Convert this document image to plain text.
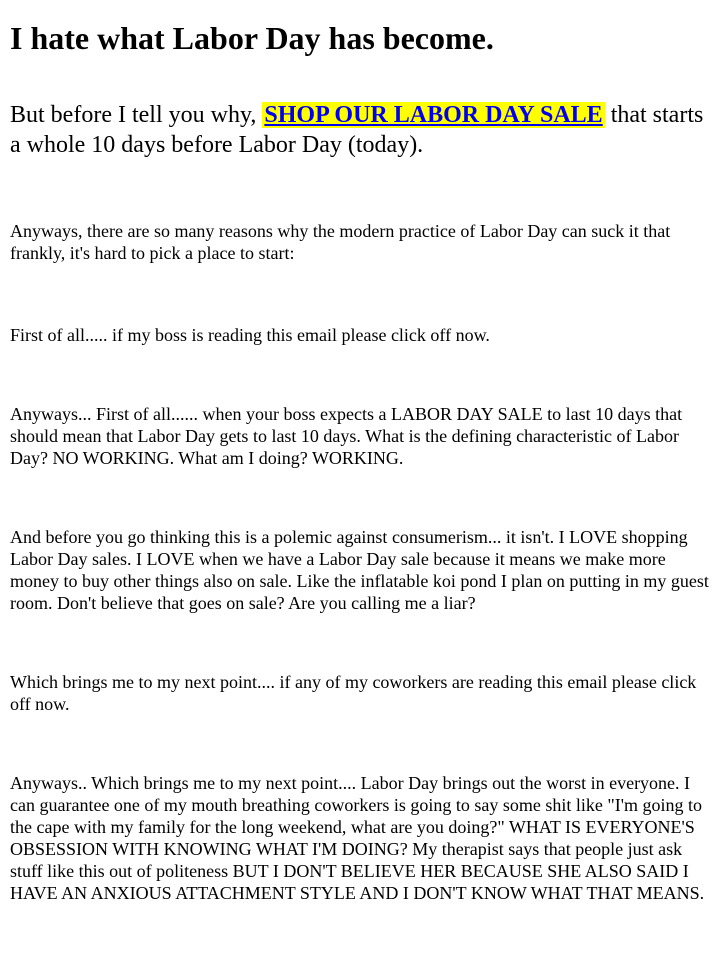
I hate what Labor Day has become.

But before I tell you why, SHOP OUR LABOR DAY SALE that starts a whole 10 days before Labor Day (today).

Anyways, there are so many reasons why the modern practice of Labor Day can suck it that frankly, it's hard to pick a place to start:

First of all..... if my boss is reading this email please click off now.

Anyways... First of all...... when your boss expects a LABOR DAY SALE to last 10 days that should mean that Labor Day gets to last 10 days. What is the defining characteristic of Labor Day? NO WORKING. What am I doing? WORKING.

And before you go thinking this is a polemic against consumerism... it isn't. I LOVE shopping Labor Day sales. I LOVE when we have a Labor Day sale because it means we make more money to buy other things also on sale. Like the inflatable koi pond I plan on putting in my guest room. Don't believe that goes on sale? Are you calling me a liar?

Which brings me to my next point.... if any of my coworkers are reading this email please click off now.

Anyways.. Which brings me to my next point.... Labor Day brings out the worst in everyone. I can guarantee one of my mouth breathing coworkers is going to say some shit like "I'm going to the cape with my family for the long weekend, what are you doing?" WHAT IS EVERYONE'S OBSESSION WITH KNOWING WHAT I'M DOING? My therapist says that people just ask stuff like this out of politeness BUT I DON'T BELIEVE HER BECAUSE SHE ALSO SAID I HAVE AN ANXIOUS ATTACHMENT STYLE AND I DON'T KNOW WHAT THAT MEANS.
